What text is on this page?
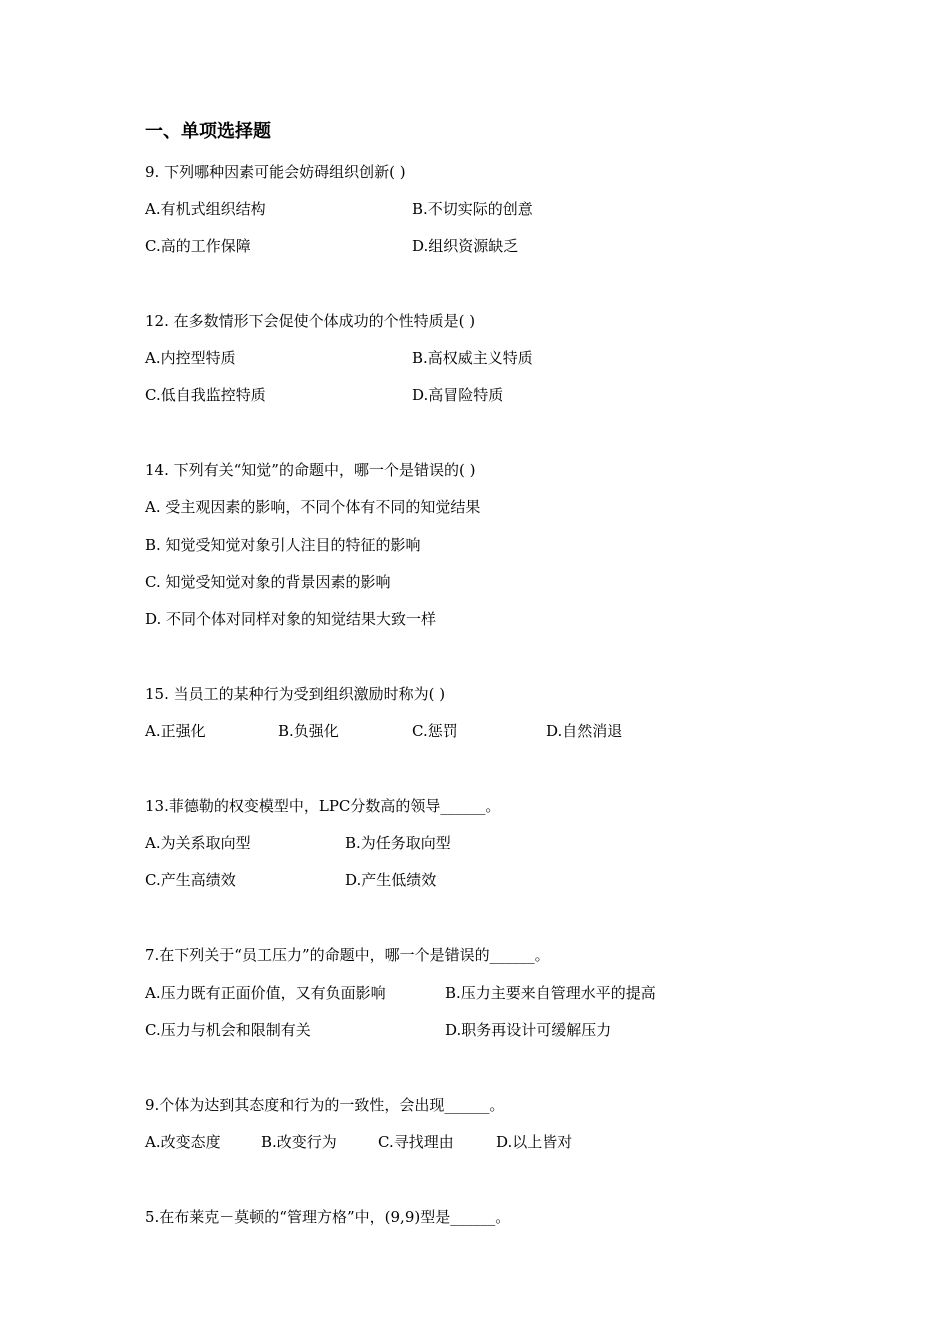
一、单项选择题
9. 下列哪种因素可能会妨碍组织创新( )
A.有机式组织结构	B.不切实际的创意
C.高的工作保障	D.组织资源缺乏
12. 在多数情形下会促使个体成功的个性特质是( )
A.内控型特质	B.高权威主义特质
C.低自我监控特质	D.高冒险特质
14. 下列有关“知觉”的命题中，哪一个是错误的( )
A. 受主观因素的影响，不同个体有不同的知觉结果
B. 知觉受知觉对象引人注目的特征的影响
C. 知觉受知觉对象的背景因素的影响
D. 不同个体对同样对象的知觉结果大致一样
15. 当员工的某种行为受到组织激励时称为( )
A.正强化	B.负强化	C.惩罚	D.自然消退
13.菲德勒的权变模型中，LPC分数高的领导______。
A.为关系取向型	B.为任务取向型
C.产生高绩效	D.产生低绩效
7.在下列关于“员工压力”的命题中，哪一个是错误的______。
A.压力既有正面价值，又有负面影响	B.压力主要来自管理水平的提高
C.压力与机会和限制有关	D.职务再设计可缓解压力
9.个体为达到其态度和行为的一致性，会出现______。
A.改变态度	B.改变行为	C.寻找理由	D.以上皆对
5.在布莱克－莫顿的“管理方格”中，(9,9)型是______。
